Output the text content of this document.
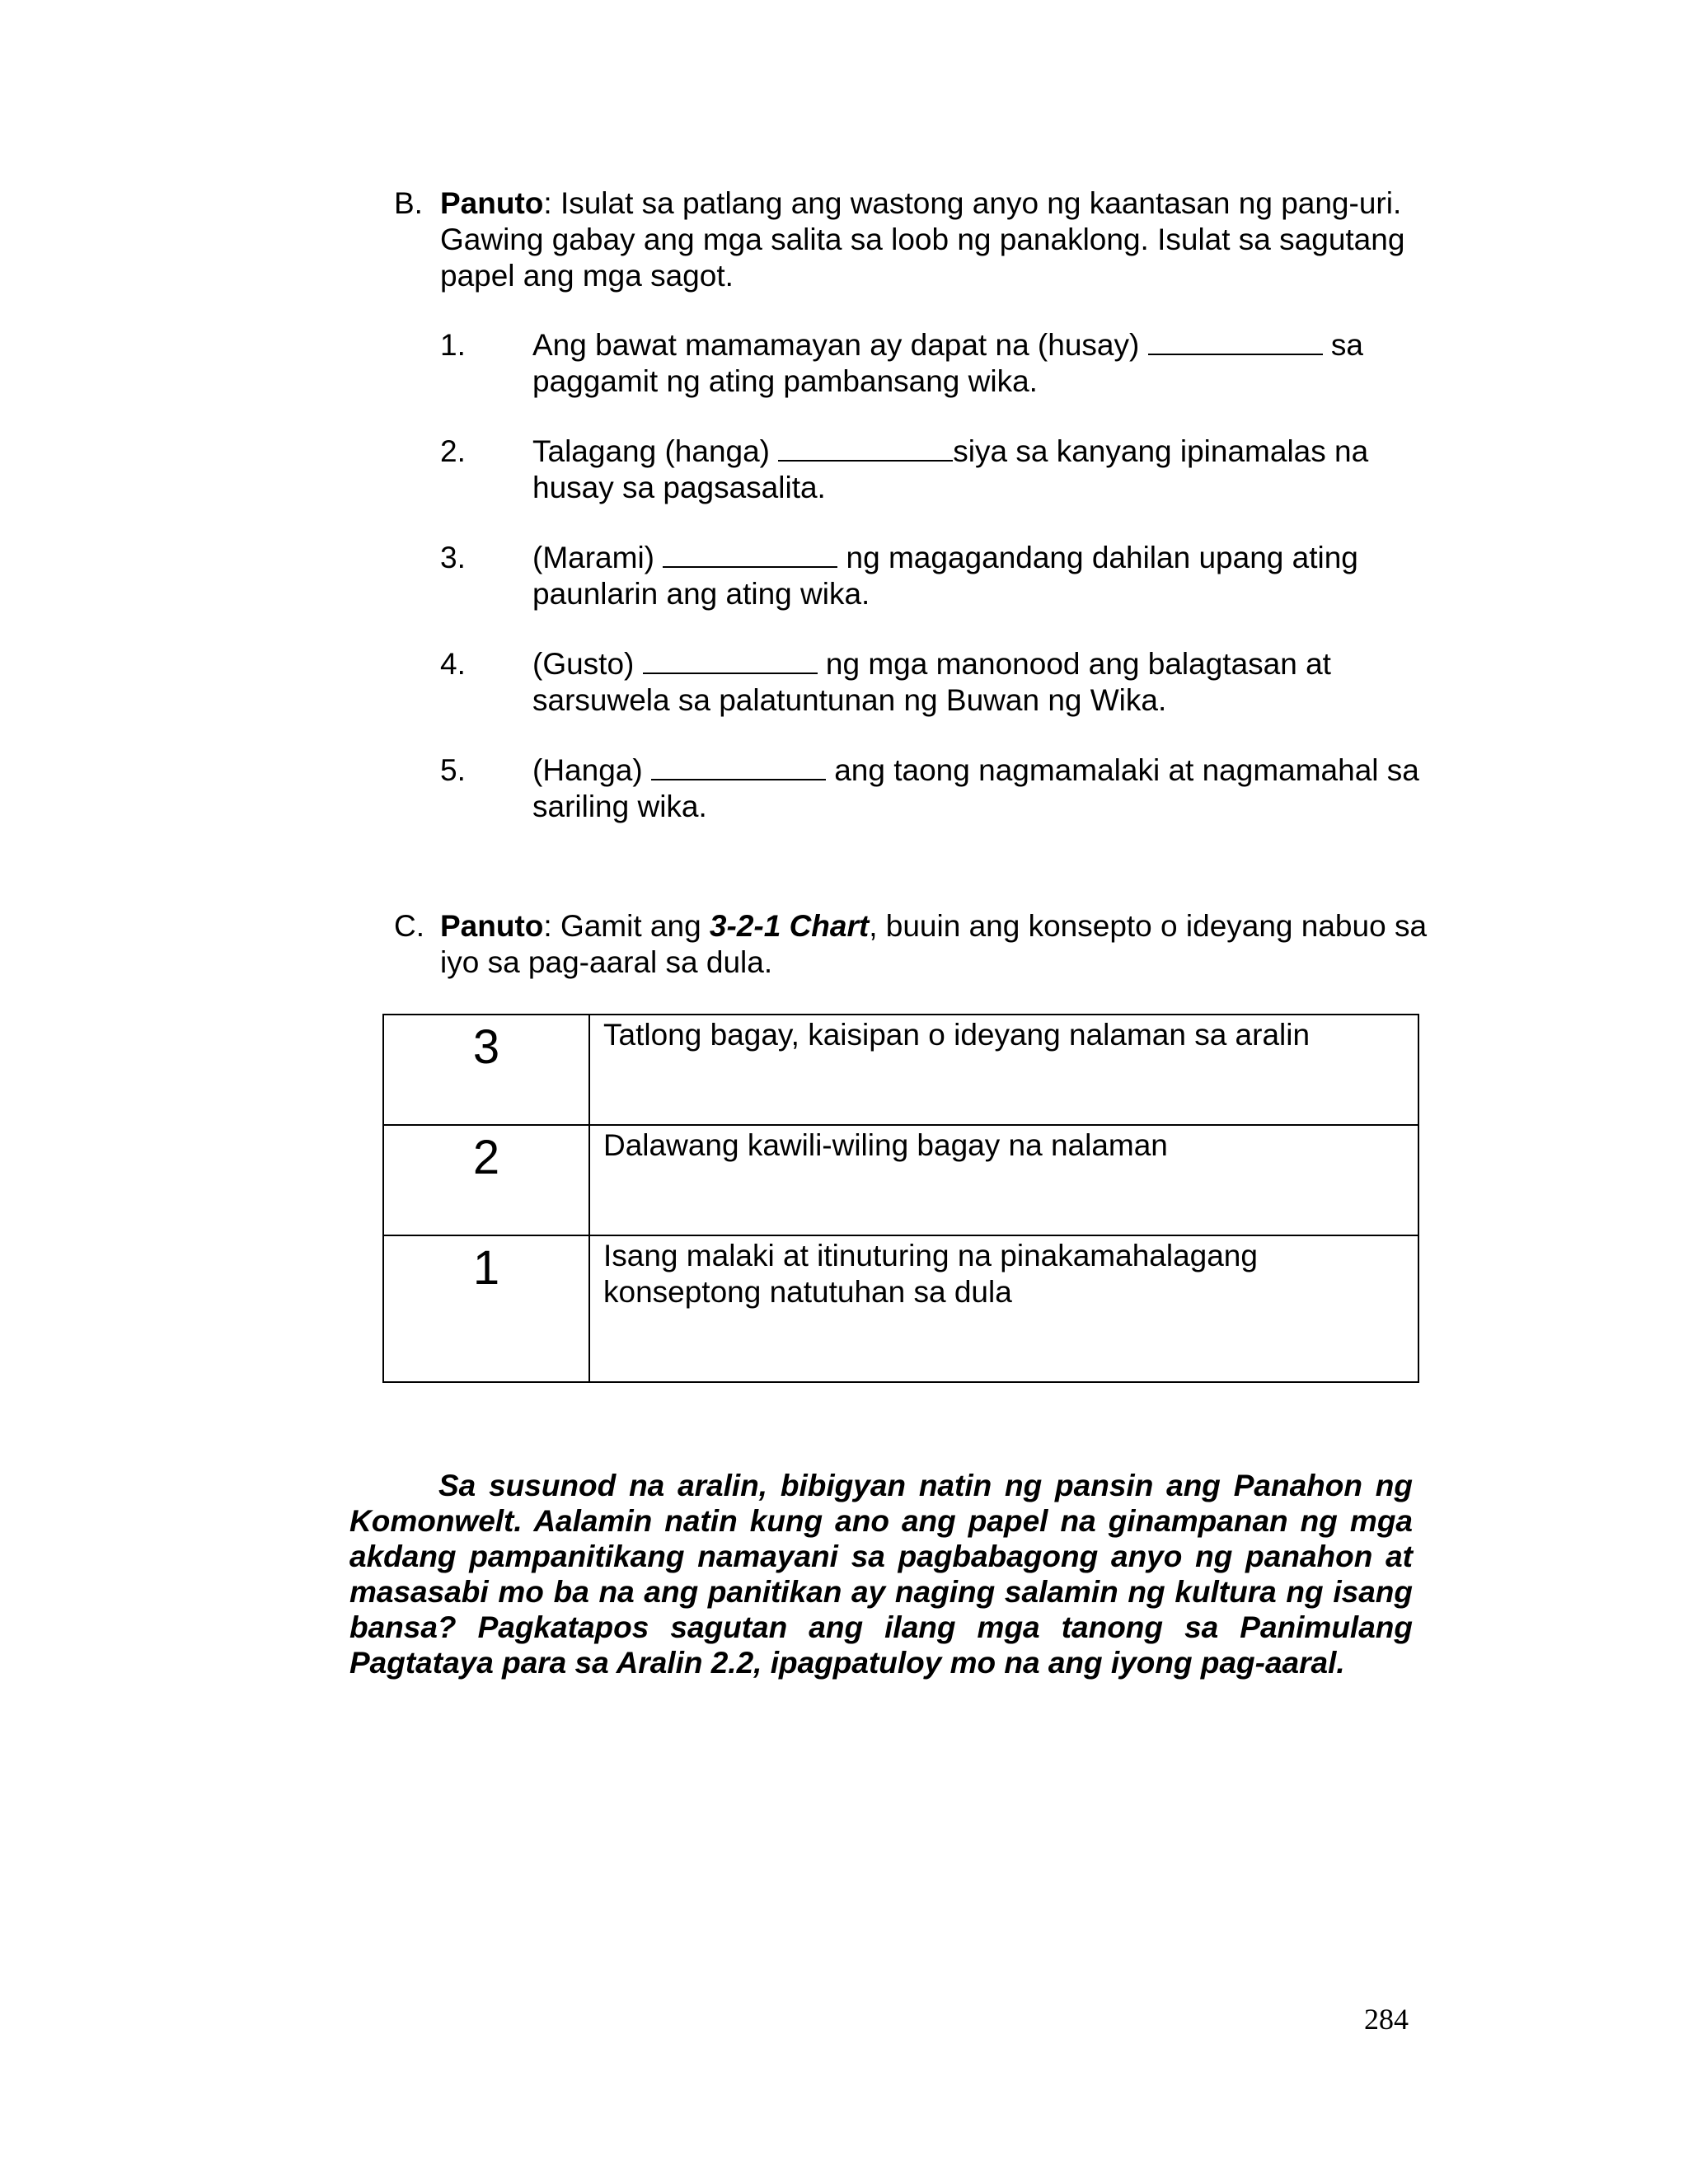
B. Panuto: Isulat sa patlang ang wastong anyo ng kaantasan ng pang-uri. Gawing gabay ang mga salita sa loob ng panaklong. Isulat sa sagutang papel ang mga sagot.
1. Ang bawat mamamayan ay dapat na (husay)	sa paggamit ng ating pambansang wika.
2. Talagang (hanga)	siya sa kanyang ipinamalas na husay sa pagsasalita.
3. (Marami)	ng magagandang dahilan upang ating paunlarin ang ating wika.
4. (Gusto)	ng mga manonood ang balagtasan at sarsuwela sa palatuntunan ng Buwan ng Wika.
5. (Hanga)	ang taong nagmamalaki at nagmamahal sa sariling wika.
C. Panuto: Gamit ang 3-2-1 Chart, buuin ang konsepto o ideyang nabuo sa iyo sa pag-aaral sa dula.
3	Tatlong bagay, kaisipan o ideyang nalaman sa aralin
2	Dalawang kawili-wiling bagay na nalaman
1	Isang malaki at itinuturing na pinakamahalagang konseptong natutuhan sa dula

Sa susunod na aralin, bibigyan natin ng pansin ang Panahon ng Komonwelt. Aalamin natin kung ano ang papel na ginampanan ng mga akdang pampanitikang namayani sa pagbabagong anyo ng panahon at masasabi mo ba na ang panitikan ay naging salamin ng kultura ng isang bansa? Pagkatapos sagutan ang ilang mga tanong sa Panimulang Pagtataya para sa Aralin 2.2, ipagpatuloy mo na ang iyong pag-aaral.

284
